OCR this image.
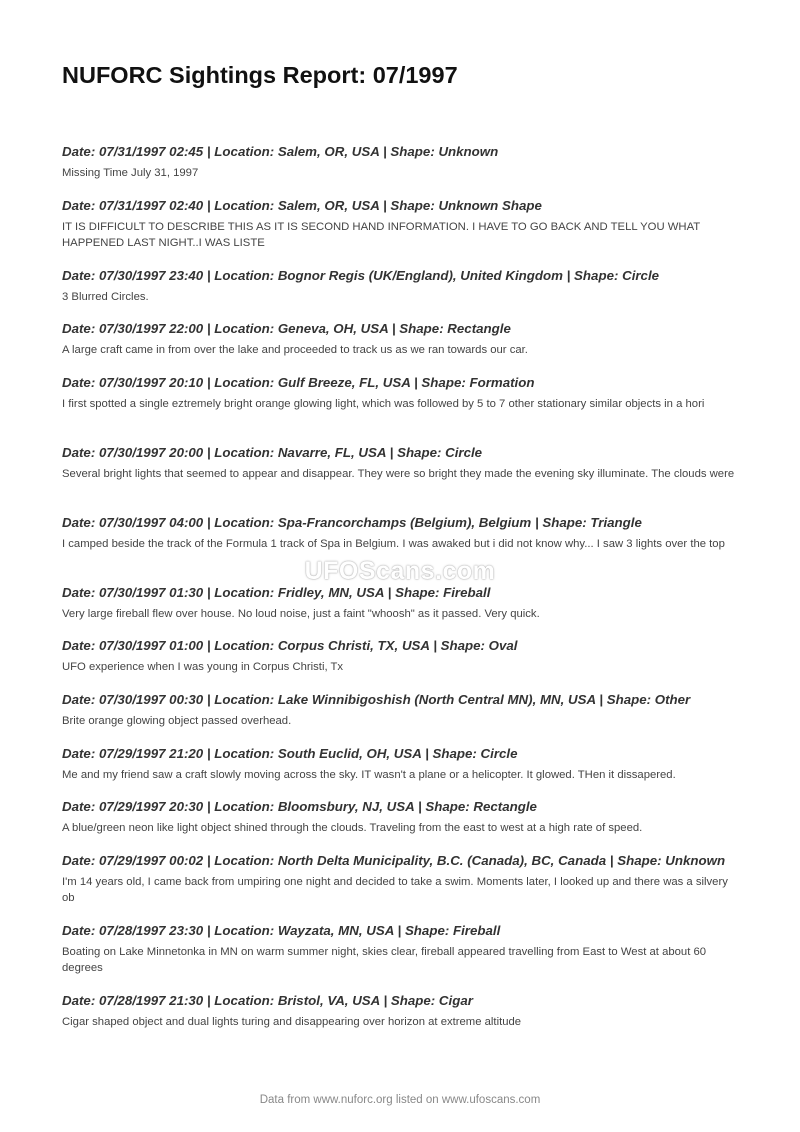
NUFORC Sightings Report: 07/1997

Date: 07/31/1997 02:45 | Location: Salem, OR, USA | Shape: Unknown

Missing Time July 31, 1997

Date: 07/31/1997 02:40 | Location: Salem, OR, USA | Shape: Unknown Shape

IT IS DIFFICULT TO DESCRIBE THIS AS IT IS SECOND HAND INFORMATION. I HAVE TO GO BACK AND TELL YOU WHAT HAPPENED LAST NIGHT..I WAS LISTE

Date: 07/30/1997 23:40 | Location: Bognor Regis (UK/England), United Kingdom | Shape: Circle

3 Blurred Circles.

Date: 07/30/1997 22:00 | Location: Geneva, OH, USA | Shape: Rectangle

A large craft came in from over the lake and proceeded to track us as we ran towards our car.

Date: 07/30/1997 20:10 | Location: Gulf Breeze, FL, USA | Shape: Formation

I first spotted a single eztremely bright orange glowing light, which was followed by 5 to 7 other stationary similar objects in a hori

Date: 07/30/1997 20:00 | Location: Navarre, FL, USA | Shape: Circle

Several bright lights that seemed to appear and disappear. They were so bright they made the evening sky illuminate. The clouds were

Date: 07/30/1997 04:00 | Location: Spa-Francorchamps (Belgium), Belgium | Shape: Triangle

I camped beside the track of the Formula 1 track of Spa in Belgium. I was awaked but i did not know why... I saw 3 lights over the top

Date: 07/30/1997 01:30 | Location: Fridley, MN, USA | Shape: Fireball

Very large fireball flew over house. No loud noise, just a faint "whoosh" as it passed. Very quick.

Date: 07/30/1997 01:00 | Location: Corpus Christi, TX, USA | Shape: Oval

UFO experience when I was young in Corpus Christi, Tx

Date: 07/30/1997 00:30 | Location: Lake Winnibigoshish (North Central MN), MN, USA | Shape: Other

Brite orange glowing object passed overhead.

Date: 07/29/1997 21:20 | Location: South Euclid, OH, USA | Shape: Circle

Me and my friend saw a craft slowly moving across the sky. IT wasn't a plane or a helicopter. It glowed. THen it dissapered.

Date: 07/29/1997 20:30 | Location: Bloomsbury, NJ, USA | Shape: Rectangle

A blue/green neon like light object shined through the clouds. Traveling from the east to west at a high rate of speed.

Date: 07/29/1997 00:02 | Location: North Delta Municipality, B.C. (Canada), BC, Canada | Shape: Unknown

I'm 14 years old, I came back from umpiring one night and decided to take a swim. Moments later, I looked up and there was a silvery ob

Date: 07/28/1997 23:30 | Location: Wayzata, MN, USA | Shape: Fireball

Boating on Lake Minnetonka in MN on warm summer night, skies clear, fireball appeared travelling from East to West at about 60 degrees

Date: 07/28/1997 21:30 | Location: Bristol, VA, USA | Shape: Cigar

Cigar shaped object and dual lights turing and disappearing over horizon at extreme altitude

UFOScans.com
Data from www.nuforc.org listed on www.ufoscans.com
